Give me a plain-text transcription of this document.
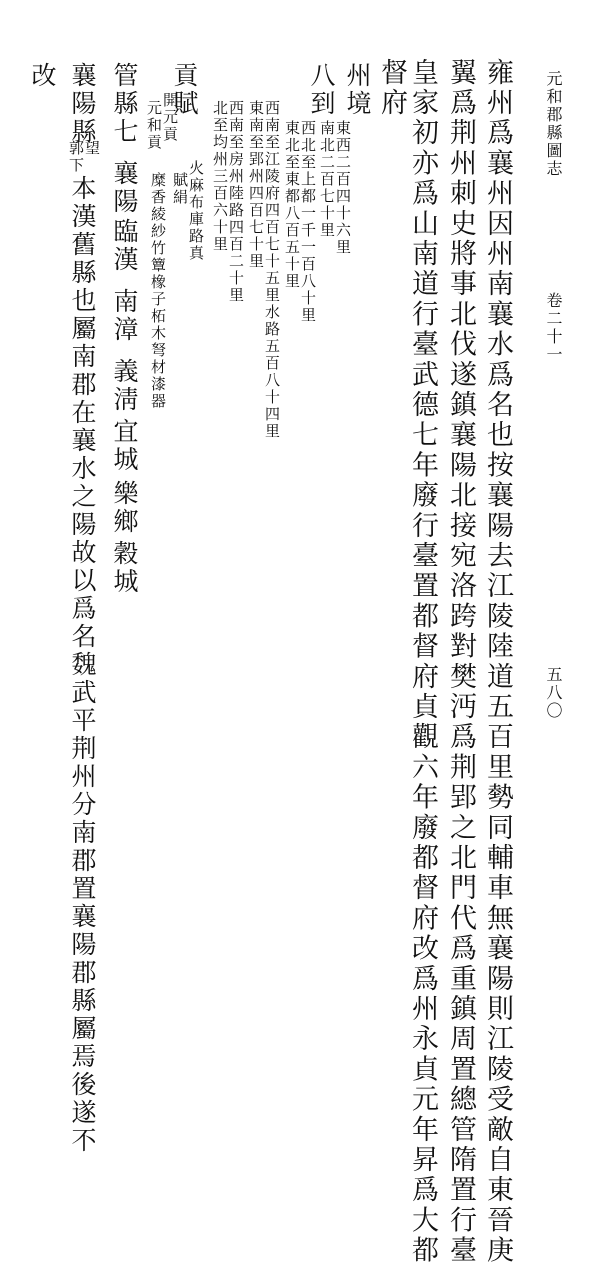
元和郡縣圖志
卷二十一
五八〇
雍州爲襄州因州南襄水爲名也按襄陽去江陵陸道五百里勢同輔車無襄陽則江陵受敵自東晉庚
翼爲荆州刺史將事北伐遂鎮襄陽北接宛洛跨對樊沔爲荆郢之北門代爲重鎮周置總管隋置行臺
皇家初亦爲山南道行臺武德七年廢行臺置都督府貞觀六年廢都督府改爲州永貞元年昇爲大都
督府
州境
東西二百四十六里
南北二百七十里
八到
西北至上都一千一百八十里
東北至東都八百五十里
西南至江陵府四百七十五里水路五百八十四里
東南至郢州四百七十里
西南至房州陸路四百二十里
北至均州三百六十里
貢賦
開元貢
元和貢
火麻布庫路真
賦絹
糜香綾紗竹簟橡子柘木弩材漆器
管縣七
襄陽
臨漢
南漳
義淸
宜城
樂鄉
穀城
襄陽縣
望
郭下
本漢舊縣也屬南郡在襄水之陽故以爲名魏武平荆州分南郡置襄陽郡縣屬焉後遂不
改
